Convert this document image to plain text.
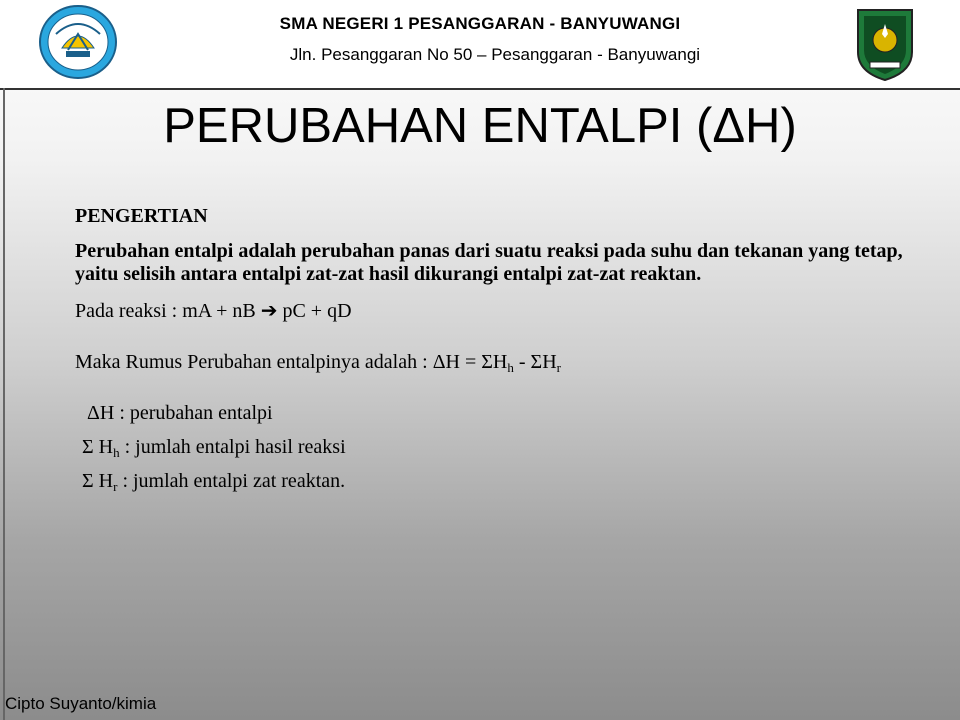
SMA NEGERI 1 PESANGGARAN - BANYUWANGI
Jln. Pesanggaran No 50 – Pesanggaran - Banyuwangi
PERUBAHAN ENTALPI (ΔH)
PENGERTIAN
Perubahan entalpi adalah perubahan panas dari suatu reaksi pada suhu dan tekanan yang tetap, yaitu selisih antara entalpi zat-zat hasil dikurangi entalpi zat-zat reaktan.
Pada reaksi : mA + nB ➔ pC + qD
Maka Rumus Perubahan entalpinya adalah : $\Delta H = \Sigma H_h - \Sigma H_r$
ΔH : perubahan entalpi
Σ $H_h$ : jumlah entalpi hasil reaksi
Σ $H_r$ : jumlah entalpi zat reaktan.
Cipto Suyanto/kimia
